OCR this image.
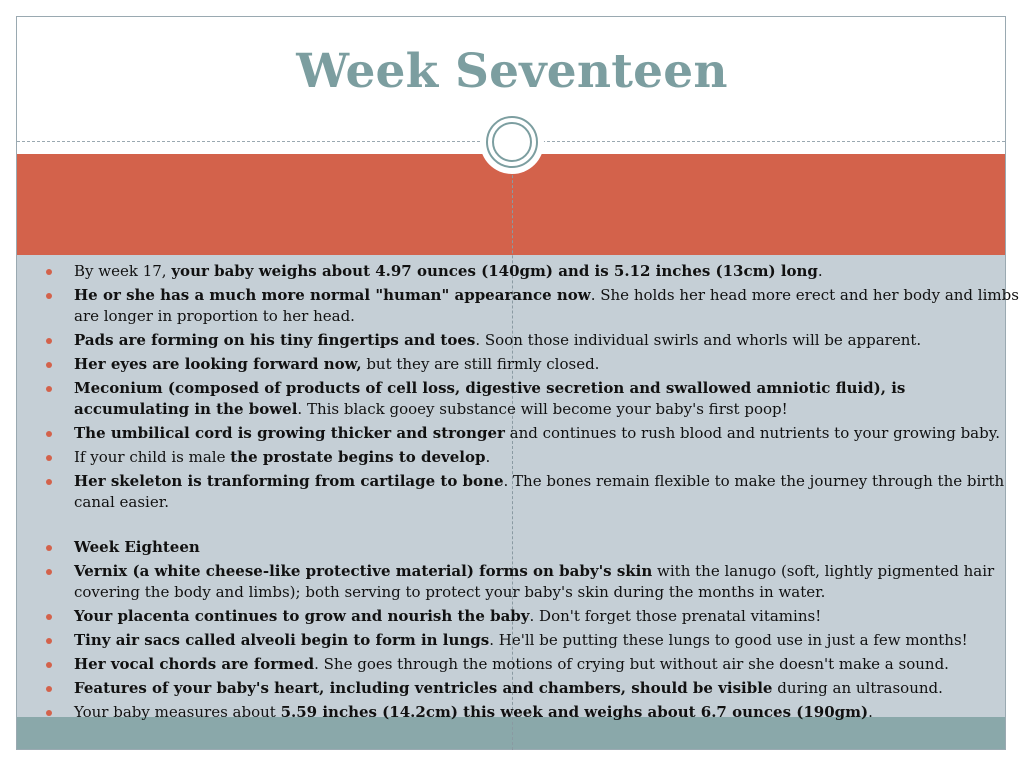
Week Seventeen
By week 17, your baby weighs about 4.97 ounces (140gm) and is 5.12 inches (13cm) long.
He or she has a much more normal "human" appearance now. She holds her head more erect and her body and limbs are longer in proportion to her head.
Pads are forming on his tiny fingertips and toes. Soon those individual swirls and whorls will be apparent.
Her eyes are looking forward now, but they are still firmly closed.
Meconium (composed of products of cell loss, digestive secretion and swallowed amniotic fluid), is accumulating in the bowel. This black gooey substance will become your baby's first poop!
The umbilical cord is growing thicker and stronger and continues to rush blood and nutrients to your growing baby.
If your child is male the prostate begins to develop.
Her skeleton is tranforming from cartilage to bone. The bones remain flexible to make the journey through the birth canal easier.
Week Eighteen
Vernix (a white cheese-like protective material) forms on baby's skin with the lanugo (soft, lightly pigmented hair covering the body and limbs); both serving to protect your baby's skin during the months in water.
Your placenta continues to grow and nourish the baby. Don't forget those prenatal vitamins!
Tiny air sacs called alveoli begin to form in lungs. He'll be putting these lungs to good use in just a few months!
Her vocal chords are formed. She goes through the motions of crying but without air she doesn't make a sound.
Features of your baby's heart, including ventricles and chambers, should be visible during an ultrasound.
Your baby measures about 5.59 inches (14.2cm) this week and weighs about 6.7 ounces (190gm).
